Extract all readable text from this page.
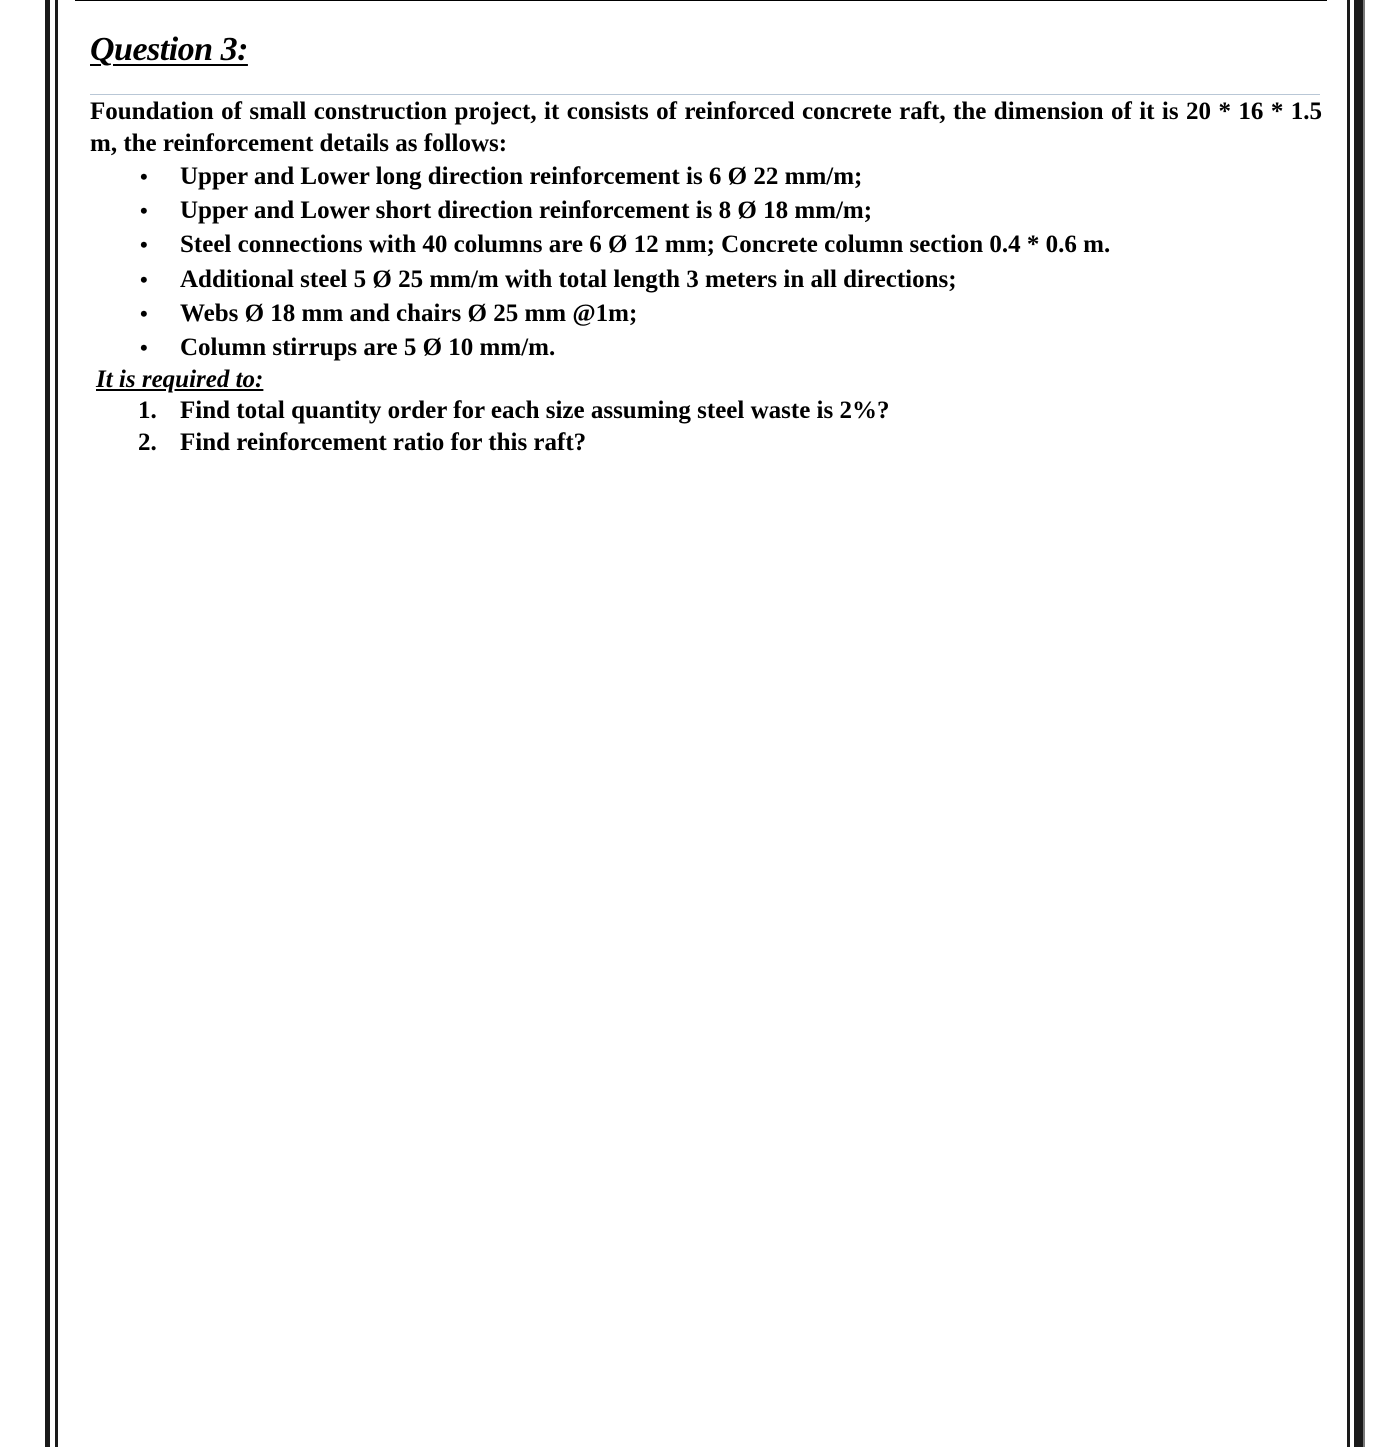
Question 3:

Foundation of small construction project, it consists of reinforced concrete raft, the dimension of it is 20 * 16 * 1.5 m, the reinforcement details as follows:

• Upper and Lower long direction reinforcement is 6 Ø 22 mm/m;
• Upper and Lower short direction reinforcement is 8 Ø 18 mm/m;
• Steel connections with 40 columns are 6 Ø 12 mm; Concrete column section 0.4 * 0.6 m.
• Additional steel 5 Ø 25 mm/m with total length 3 meters in all directions;
• Webs Ø 18 mm and chairs Ø 25 mm @1m;
• Column stirrups are 5 Ø 10 mm/m.
It is required to:
1. Find total quantity order for each size assuming steel waste is 2%?
2. Find reinforcement ratio for this raft?
